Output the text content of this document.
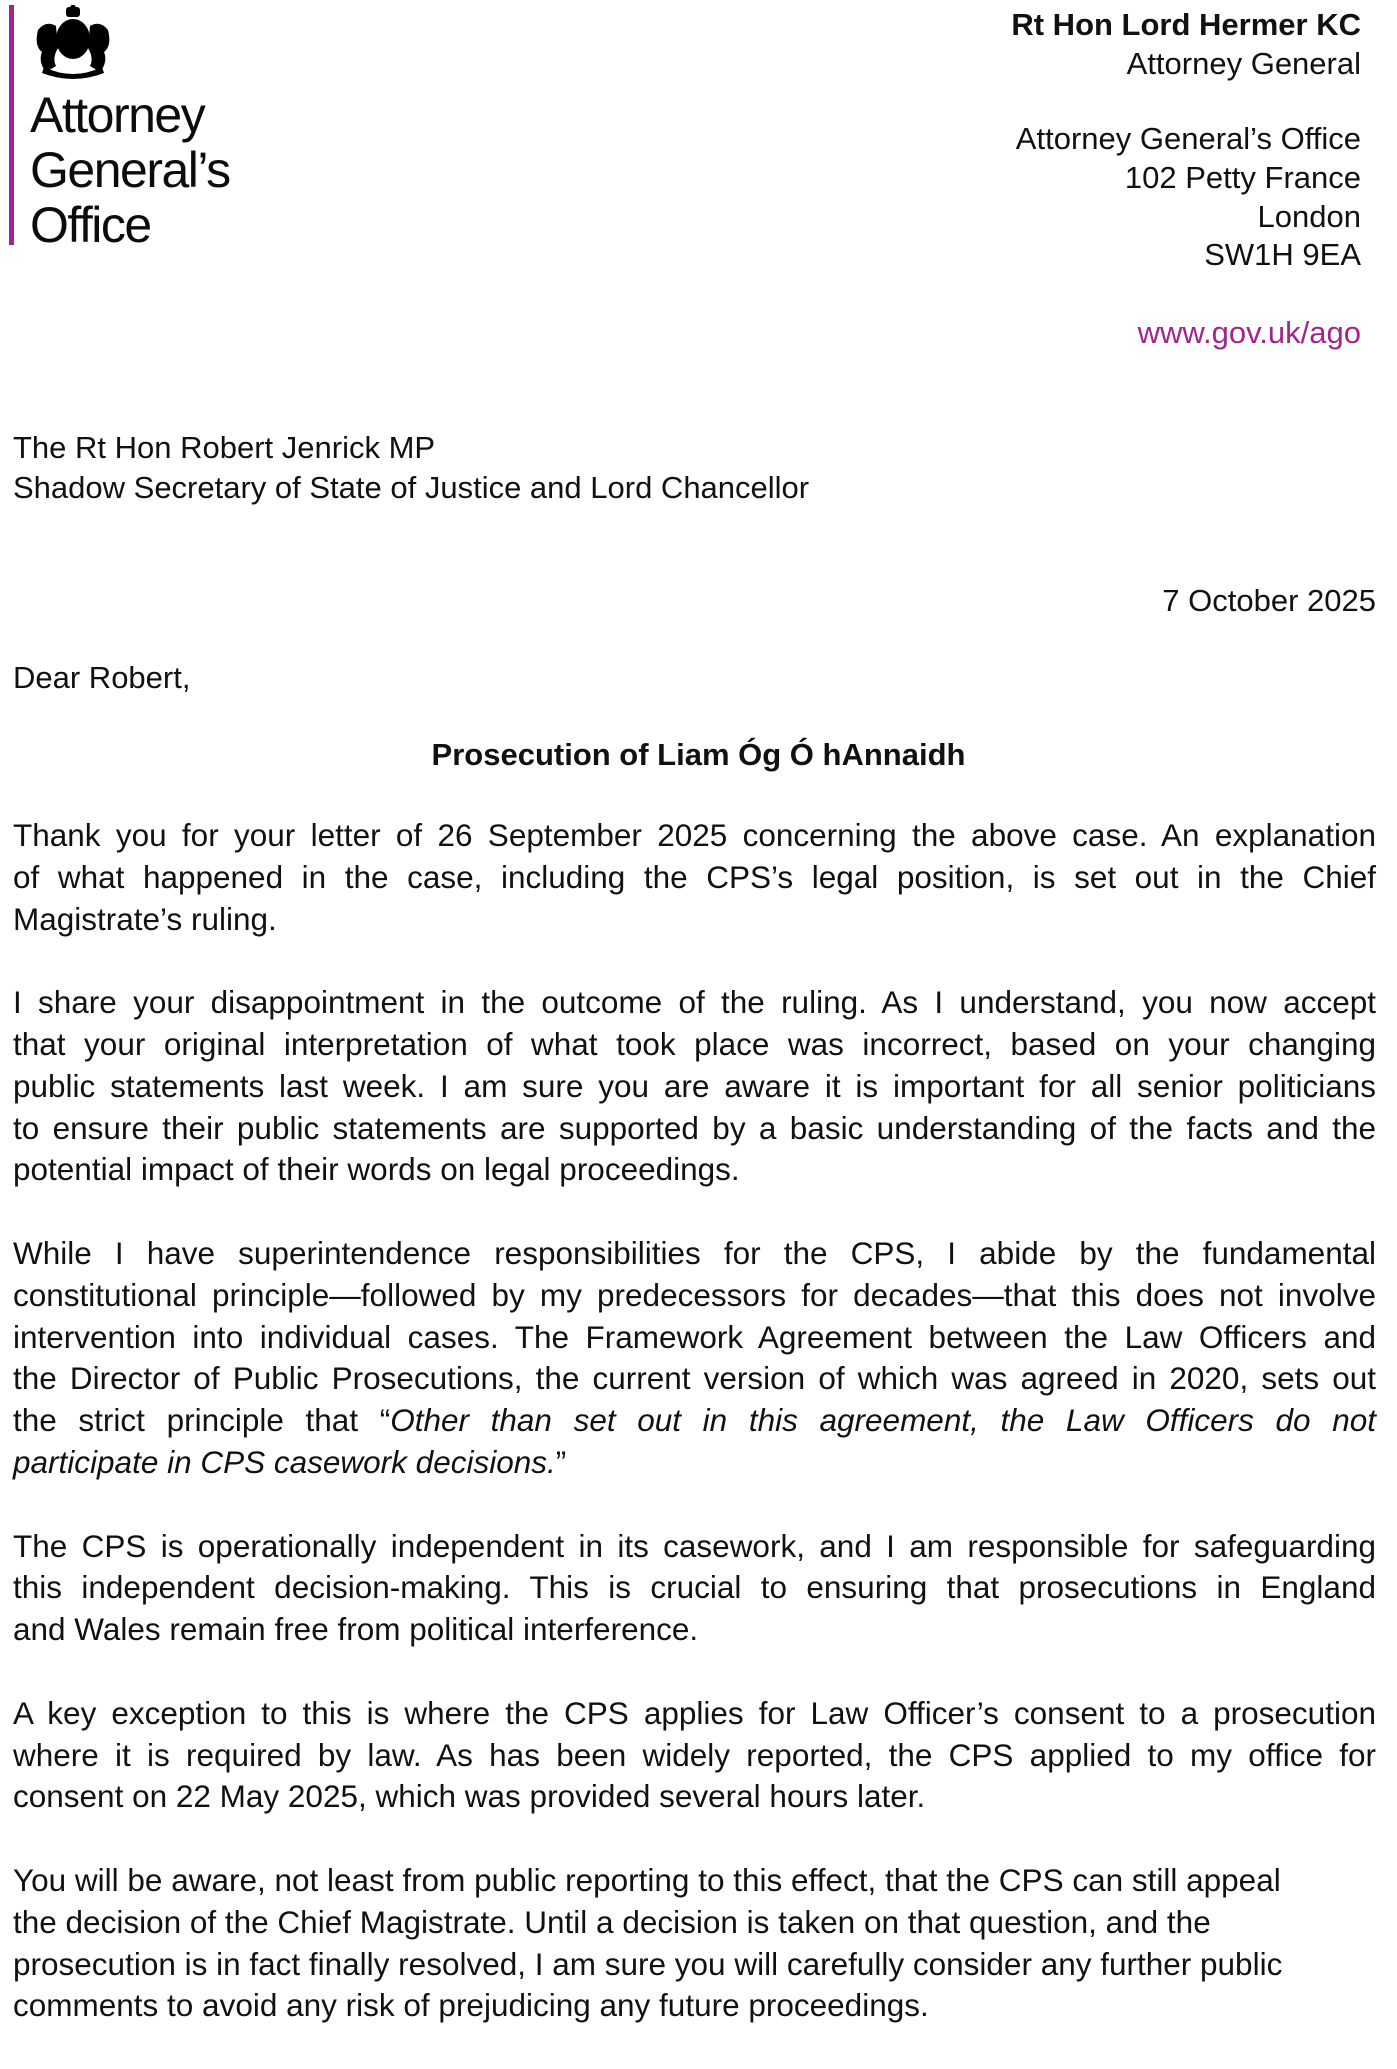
Attorney
General’s
Office
Rt Hon Lord Hermer KC
Attorney General
Attorney General’s Office
102 Petty France
London
SW1H 9EA
www.gov.uk/ago
The Rt Hon Robert Jenrick MP
Shadow Secretary of State of Justice and Lord Chancellor
7 October 2025
Dear Robert,
Prosecution of Liam Óg Ó hAnnaidh
Thank you for your letter of 26 September 2025 concerning the above case. An explanation
of what happened in the case, including the CPS’s legal position, is set out in the Chief
Magistrate’s ruling.
I share your disappointment in the outcome of the ruling. As I understand, you now accept
that your original interpretation of what took place was incorrect, based on your changing
public statements last week. I am sure you are aware it is important for all senior politicians
to ensure their public statements are supported by a basic understanding of the facts and the
potential impact of their words on legal proceedings.
While I have superintendence responsibilities for the CPS, I abide by the fundamental
constitutional principle—followed by my predecessors for decades—that this does not involve
intervention into individual cases. The Framework Agreement between the Law Officers and
the Director of Public Prosecutions, the current version of which was agreed in 2020, sets out
the strict principle that “Other than set out in this agreement, the Law Officers do not
participate in CPS casework decisions.”
The CPS is operationally independent in its casework, and I am responsible for safeguarding
this independent decision-making. This is crucial to ensuring that prosecutions in England
and Wales remain free from political interference.
A key exception to this is where the CPS applies for Law Officer’s consent to a prosecution
where it is required by law. As has been widely reported, the CPS applied to my office for
consent on 22 May 2025, which was provided several hours later.
You will be aware, not least from public reporting to this effect, that the CPS can still appeal
the decision of the Chief Magistrate. Until a decision is taken on that question, and the
prosecution is in fact finally resolved, I am sure you will carefully consider any further public
comments to avoid any risk of prejudicing any future proceedings.
